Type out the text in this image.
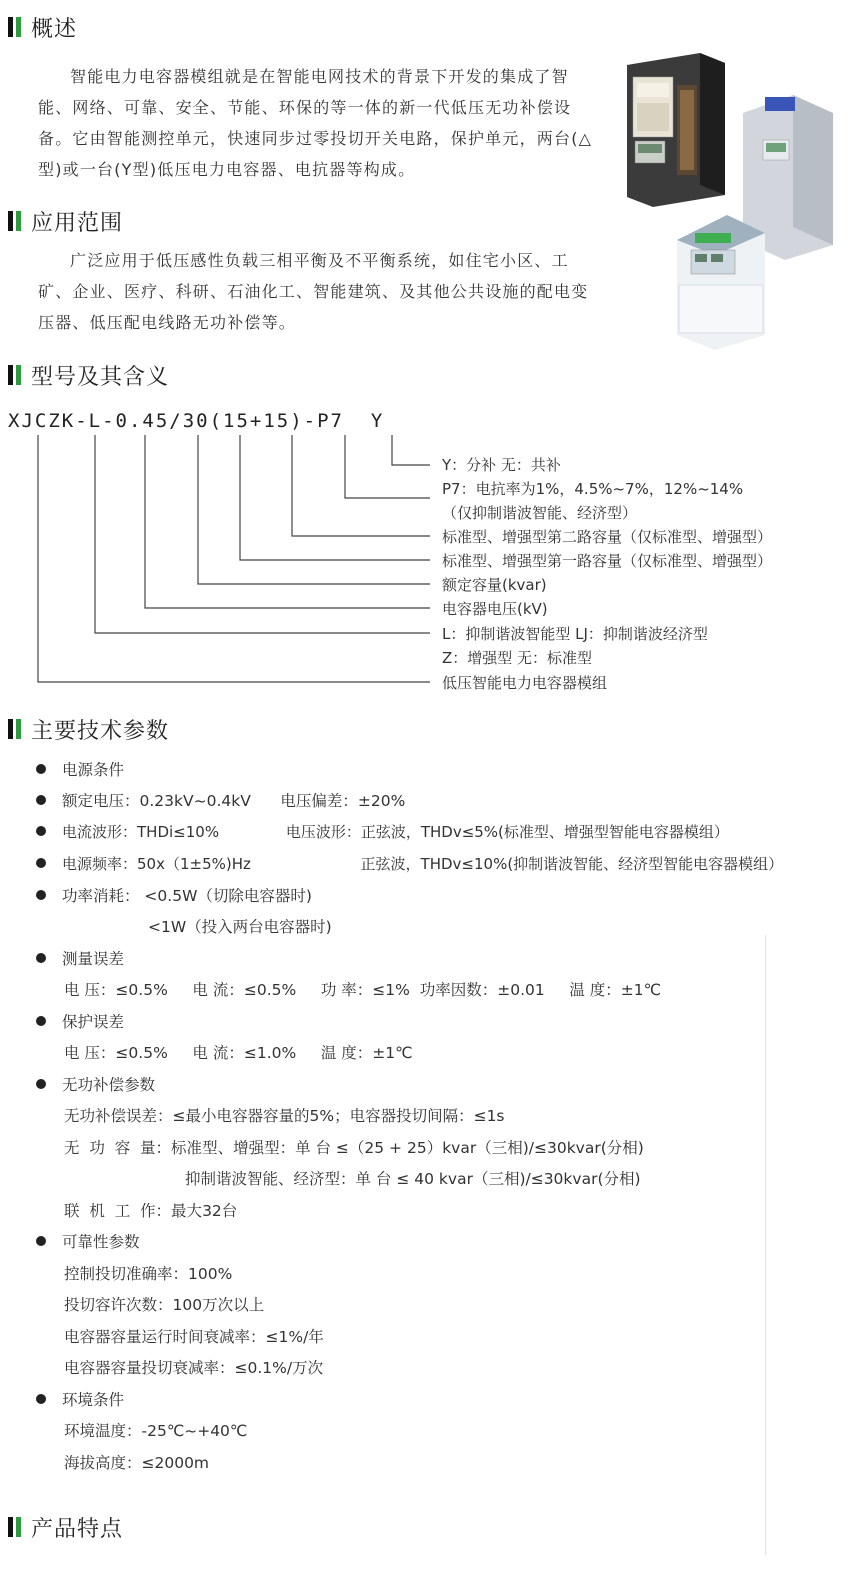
概述

智能电力电容器模组就是在智能电网技术的背景下开发的集成了智

能、网络、可靠、安全、节能、环保的等一体的新一代低压无功补偿设

备。它由智能测控单元，快速同步过零投切开关电路，保护单元，两台(△

型)或一台(Y型)低压电力电容器、电抗器等构成。

应用范围

广泛应用于低压感性负载三相平衡及不平衡系统，如住宅小区、工

矿、企业、医疗、科研、石油化工、智能建筑、及其他公共设施的配电变

压器、低压配电线路无功补偿等。

型号及其含义
XJCZK-L-0.45/30(15+15)-P7  Y
Y：分补 无：共补
P7：电抗率为1%，4.5%~7%，12%~14%
（仅抑制谐波智能、经济型）
标准型、增强型第二路容量（仅标准型、增强型）
标准型、增强型第一路容量（仅标准型、增强型）
额定容量(kvar)
电容器电压(kV)
L：抑制谐波智能型 LJ：抑制谐波经济型
Z：增强型 无：标准型
低压智能电力电容器模组
主要技术参数
电源条件
额定电压：0.23kV~0.4kV      电压偏差：±20%
电流波形：THDi≤10%              电压波形：正弦波，THDv≤5%(标准型、增强型智能电容器模组）
电源频率：50x（1±5%)Hz                       正弦波，THDv≤10%(抑制谐波智能、经济型智能电容器模组）
功率消耗： <0.5W（切除电容器时)
<1W（投入两台电容器时)
测量误差
电 压：≤0.5%     电 流：≤0.5%     功 率：≤1%  功率因数：±0.01     温 度：±1℃
保护误差
电 压：≤0.5%     电 流：≤1.0%     温 度：±1℃
无功补偿参数
无功补偿误差：≤最小电容器容量的5%；电容器投切间隔：≤1s
无  功  容  量：标准型、增强型：单 台 ≤（25 + 25）kvar（三相)/≤30kvar(分相)
抑制谐波智能、经济型：单 台 ≤ 40 kvar（三相)/≤30kvar(分相)
联  机  工  作：最大32台
可靠性参数
控制投切准确率：100%
投切容许次数：100万次以上
电容器容量运行时间衰减率：≤1%/年
电容器容量投切衰减率：≤0.1%/万次
环境条件
环境温度：-25℃~+40℃
海拔高度：≤2000m
产品特点
